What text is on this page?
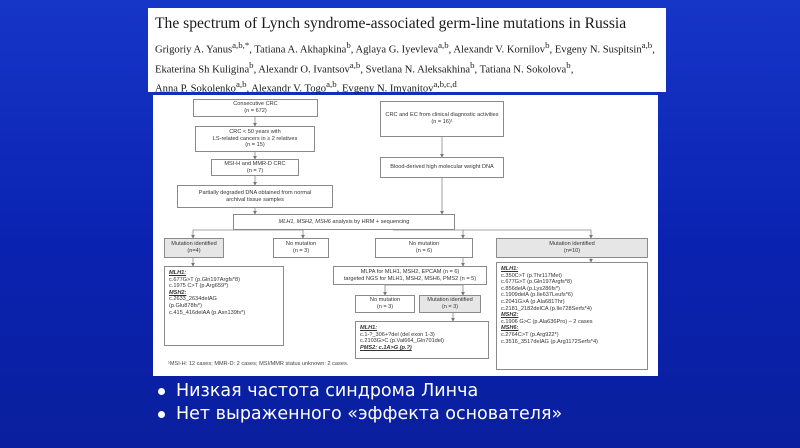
The spectrum of Lynch syndrome-associated germ-line mutations in Russia
Grigoriy A. Yanus$^{a,b,*}$, Tatiana A. Akhapkina$^b$, Aglaya G. Iyevleva$^{a,b}$, Alexandr V. Kornilov$^b$, Evgeny N. Suspitsin$^{a,b}$, Ekaterina Sh Kuligina$^b$, Alexandr O. Ivantsov$^{a,b}$, Svetlana N. Aleksakhina$^b$, Tatiana N. Sokolova$^b$, Anna P. Sokolenko$^{a,b}$, Alexandr V. Togo$^{a,b}$, Evgeny N. Imyanitov$^{a,b,c,d}$
Consecutive CRC
(n = 672)
CRC < 50 years with
LS-related cancers in ≥ 2 relatives
(n = 15)
MSI-H and MMR-D CRC
(n = 7)
Partially degraded DNA obtained from normal
archival tissue samples
CRC and EC from clinical diagnostic activities
(n = 16)¹
Blood-derived high molecular weight DNA
MLH1, MSH2, MSH6 analysis by HRM + sequencing
Mutation identified
(n=4)
No mutation
(n = 3)
No mutation
(n = 6)
Mutation identified
(n=10)
MLH1:
c.677G>T (p.Gln197Argfs*8)
c.1975 C>T (p.Arg659*)
MSH2:
c.2633_2634delAG
(p.Glu878fs*)
c.415_416delAA (p.Asn139fs*)
MLPA for MLH1, MSH2, EPCAM (n = 6)
targeted NGS for MLH1, MSH2, MSH6, PMS2 (n = 5)
No mutation
(n = 3)
Mutation identified
(n = 3)
MLH1:
c.1-?_306+?del (del exon 1-3)
c.2103G>C (p.Val664_Gln701del)
PMS2: c.1A>G (p.?)
MLH1:
c.350C>T (p.Thr117Met)
c.677G>T (p.Gln197Argfs*8)
c.856delA (p.Lys286fs*)
c.1909delA (p.Ile637Leufs*6)
c.2041G>A (p.Ala681Thr)
c.2181_2182delCA (p.Ile728Serfs*4)
MSH2:
c.1906 G>C (p.Ala636Pro) – 2 cases
MSH6:
c.2764C>T (p.Arg922*)
c.3516_3517delAG (p.Arg1172Serfs*4)
¹MSI-H: 12 cases; MMR-D: 2 cases; MSI/MMR status unknown: 2 cases.
Низкая частота синдрома Линча
Нет выраженного «эффекта основателя»
